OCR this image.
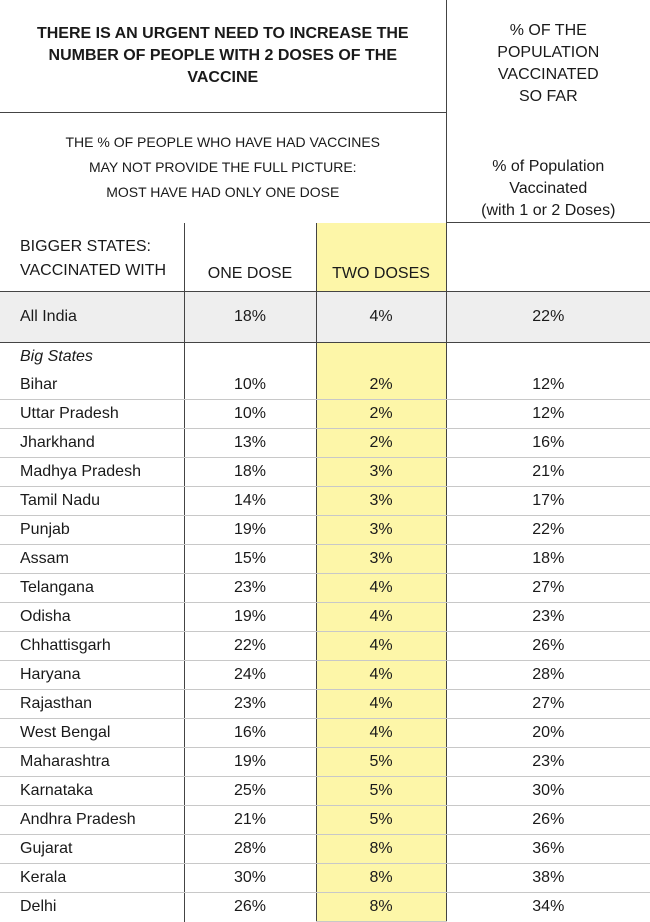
THERE IS AN URGENT NEED TO INCREASE THE NUMBER OF PEOPLE WITH 2 DOSES OF THE VACCINE			% OF THE POPULATION VACCINATED SO FAR
% of Population
Vaccinated
(with 1 or 2 Doses)

THE % OF PEOPLE WHO HAVE HAD VACCINES
MAY NOT PROVIDE THE FULL PICTURE:
MOST HAVE HAD ONLY ONE DOSE			

BIGGER STATES:
VACCINATED WITH	ONE DOSE	TWO DOSES	
All India	18%	4%	22%
Big States			
Bihar	10%	2%	12%
Uttar Pradesh	10%	2%	12%
Jharkhand	13%	2%	16%
Madhya Pradesh	18%	3%	21%
Tamil Nadu	14%	3%	17%
Punjab	19%	3%	22%
Assam	15%	3%	18%
Telangana	23%	4%	27%
Odisha	19%	4%	23%
Chhattisgarh	22%	4%	26%
Haryana	24%	4%	28%
Rajasthan	23%	4%	27%
West Bengal	16%	4%	20%
Maharashtra	19%	5%	23%
Karnataka	25%	5%	30%
Andhra Pradesh	21%	5%	26%
Gujarat	28%	8%	36%
Kerala	30%	8%	38%
Delhi	26%	8%	34%
